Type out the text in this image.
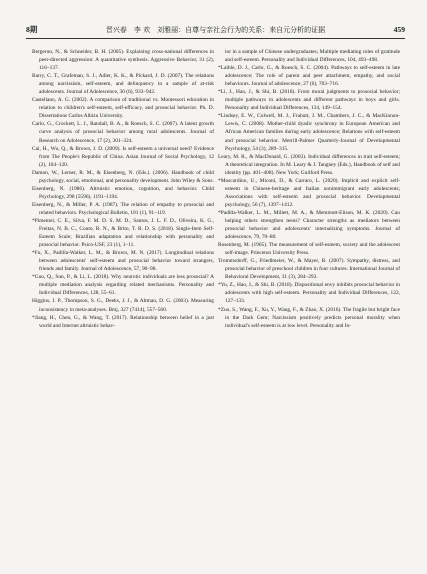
8期	晋兴春　李 欢　刘雅丽：自尊与亲社会行为的关系：来自元分析的证据	459

Bergeron, N., & Schneider, B. H. (2005). Explaining cross-national differences in peer-directed aggression: A quantitative synthesis. Aggressive Behavior, 31 (2), 116–137.

Barry, C. T., Grafeman, S. J., Adler, K. K., & Pickard, J. D. (2007). The relations among narcissism, self-esteem, and delinquency in a sample of at-risk adolescents. Journal of Adolescence, 30 (6), 933–942.

Castellano, A. G. (2002). A comparison of traditional vs. Montessori education in relation to children's self-esteem, self-efficacy, and prosocial behavior. Ph. D. Dissertations Carlos Albizu University.

Carlo, G., Crockett, L. J., Randall, B. A., & Roesch, S. C. (2007). A latent growth curve analysis of prosocial behavior among rural adolescents. Journal of Research on Adolescence, 17 (2), 301–324.

Cai, H., Wu, Q., & Brown, J. D. (2009). Is self-esteem a universal need? Evidence from The People's Republic of China. Asian Journal of Social Psychology, 12 (2), 104–120.

Damon, W., Lerner, R. M., & Eisenberg, N. (Eds.). (2006). Handbook of child psychology, social, emotional, and personality development. John Wiley & Sons.

Eisenberg, N. (1986). Altruistic emotion, cognition, and behavior. Child Psychology, 298 (5596), 1191–1194.

Eisenberg, N., & Miller, P. A. (1987). The relation of empathy to prosocial and related behaviors. Psychological Bulletin, 101 (1), 91–119.

*Pimentel, C. E., Silva, F. M. D. S. M. D., Santos, J. L. F. D., Oliveira, K. G., Freitas, N. B. C., Couto, R. N., & Brito, T. R. D. S. (2018). Single-Item Self-Esteem Scale; Brazilian adaptation and relationship with personality and prosocial behavior. Psico-USF, 23 (1), 1–11.

*Fu, X., Padilla-Walker, L. M., & Brown, M. N. (2017). Longitudinal relations between adolescents' self-esteem and prosocial behavior toward strangers, friends and family. Journal of Adolescence, 57, 90–98.

*Guo, Q., Sun, P., & Li, L. (2018). Why neurotic individuals are less prosocial? A multiple mediation analysis regarding related mechanisms. Personality and Individual Differences, 128, 55–61.

Higgins, J. P., Thompson, S. G., Deeks, J. J., & Altman, D. G. (2003). Measuring inconsistency in meta-analyses. Bmj, 327 (7414), 557–560.

*Jiang, H., Chen, G., & Wang, T. (2017). Relationship between belief in a just world and Internet altruistic behav-

ior in a sample of Chinese undergraduates; Multiple mediating roles of gratitude and self-esteem. Personality and Individual Differences, 104, 493–498.

*Laible, D. J., Carlo, G., & Roesch, S. C. (2004). Pathways to self-esteem in late adolescence; The role of parent and peer attachment, empathy, and social behaviours. Journal of adolescence, 27 (6), 703–716.

*Li, J., Hao, J., & Shi, B. (2018). From moral judgments to prosocial behavior; multiple pathways in adolescents and different pathways in boys and girls. Personality and Individual Differences, 134, 149–154.

*Lindsey, E. W., Colwell, M. J., Frabutt, J. M., Chambers, J. C., & MacKinnon-Lewis, C. (2008). Mother-child dyadic synchrony in European American and African American families during early adolescence; Relations with self-esteem and prosocial behavior. Merrill-Palmer Quarterly-Journal of Developmental Psychology, 54 (3), 289–315.

Leary, M. R., & MacDonald, G. (2003). Individual differences in trait self-esteem; A theoretical integration. In M. Leary & J. Tangney (Eds.), Handbook of self and identity (pp. 401–408). New York; Guilford Press.

*Moscardino, U., Miconi, D., & Carraro, L. (2020). Implicit and explicit self-esteem in Chinese-heritage and Italian nonimmigrant early adolescents; Associations with self-esteem and prosocial behavior. Developmental psychology, 56 (7), 1397–1412.

*Padilla-Walker, L. M., Millett, M. A., & Memmott-Elison, M. K. (2020). Can helping others strengthen teens? Character strengths as mediators between prosocial behavior and adolescents' internalizing symptoms. Journal of adolescence, 79, 70–80.

Rosenberg, M. (1965). The measurement of self-esteem, society and the adolescent self-image. Princeton University Press.

Trommsdorff, G., Friedlmeier, W., & Mayer, B. (2007). Sympathy, distress, and prosocial behavior of preschool children in four cultures. International Journal of Behavioral Development, 31 (3), 284–293.

*Yu, Z., Hao, J., & Shi, B. (2018). Dispositional envy inhibits prosocial behavior in adolescents with high self-esteem. Personality and Individual Differences, 122, 127–133.

*Zuo, S., Wang, F., Xu, Y., Wang, F., & Zhao, X. (2016). The fragile but bright face in the Dark Gem; Narcissism positively predicts personal morality when individual's self-esteem is at low level. Personality and In-
